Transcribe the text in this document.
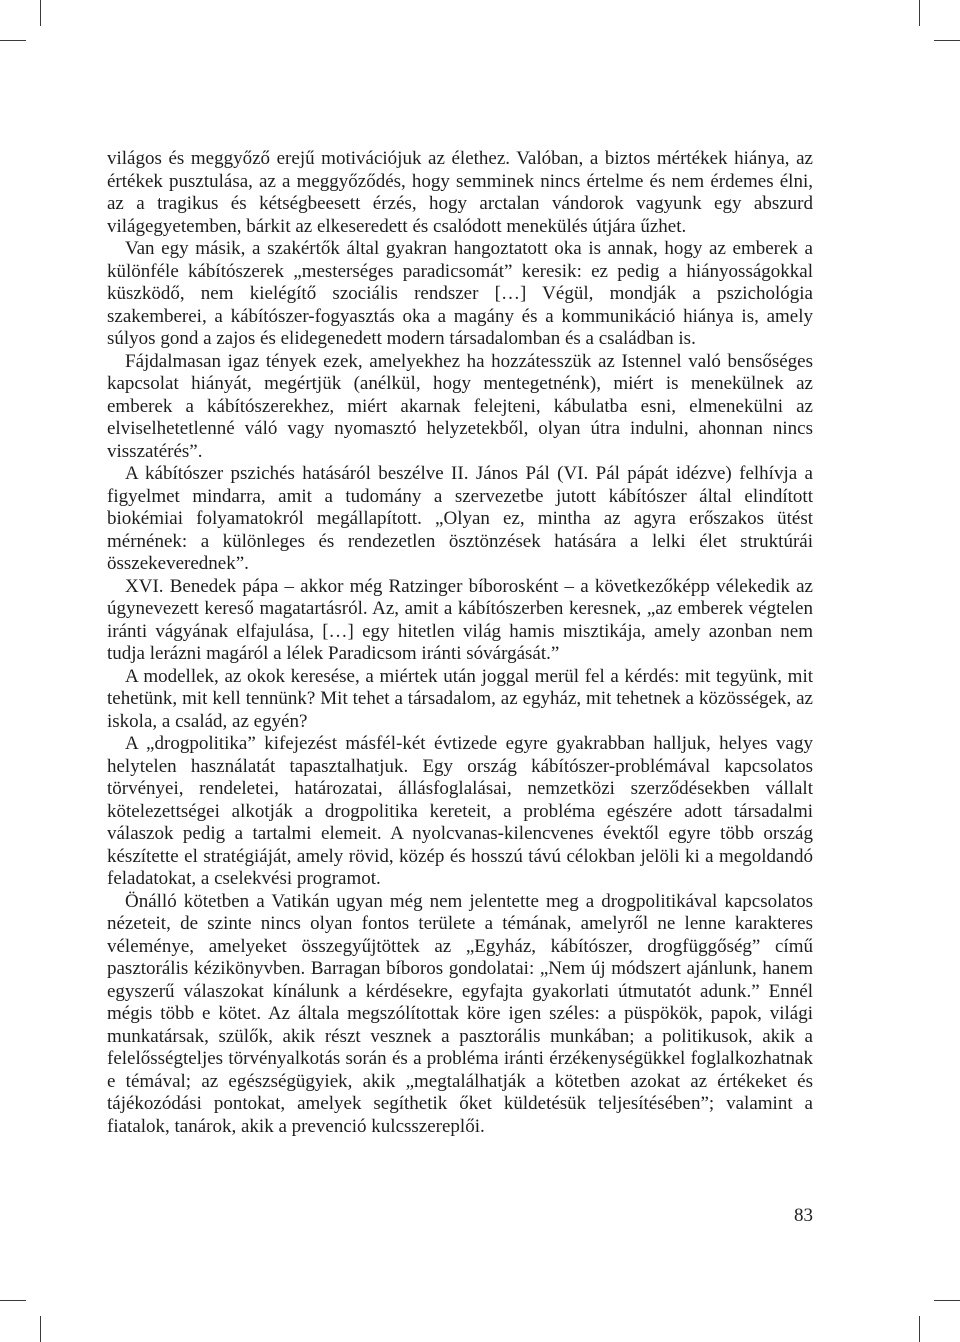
világos és meggyőző erejű motivációjuk az élethez. Valóban, a biztos mértékek hiánya, az értékek pusztulása, az a meggyőződés, hogy semminek nincs értelme és nem érdemes élni, az a tragikus és kétségbeesett érzés, hogy arctalan vándorok vagyunk egy abszurd világegyetemben, bárkit az elkeseredett és csalódott menekülés útjára űzhet.

Van egy másik, a szakértők által gyakran hangoztatott oka is annak, hogy az emberek a különféle kábítószerek „mesterséges paradicsomát” keresik: ez pedig a hiányosságokkal küszködő, nem kielégítő szociális rendszer […] Végül, mondják a pszichológia szakemberei, a kábítószer-fogyasztás oka a magány és a kommunikáció hiánya is, amely súlyos gond a zajos és elidegenedett modern társadalomban és a családban is.

Fájdalmasan igaz tények ezek, amelyekhez ha hozzátesszük az Istennel való bensőséges kapcsolat hiányát, megértjük (anélkül, hogy mentegetnénk), miért is menekülnek az emberek a kábítószerekhez, miért akarnak felejteni, kábulatba esni, elmenekülni az elviselhetetlenné váló vagy nyomasztó helyzetekből, olyan útra indulni, ahonnan nincs visszatérés”.

A kábítószer pszichés hatásáról beszélve II. János Pál (VI. Pál pápát idézve) felhívja a figyelmet mindarra, amit a tudomány a szervezetbe jutott kábítószer által elindított biokémiai folyamatokról megállapított. „Olyan ez, mintha az agyra erőszakos ütést mérnének: a különleges és rendezetlen ösztönzések hatására a lelki élet struktúrái összekeverednek”.

XVI. Benedek pápa – akkor még Ratzinger bíborosként – a következőképp vélekedik az úgynevezett kereső magatartásról. Az, amit a kábítószerben keresnek, „az emberek végtelen iránti vágyának elfajulása, […] egy hitetlen világ hamis misztikája, amely azonban nem tudja lerázni magáról a lélek Paradicsom iránti sóvárgását.”

A modellek, az okok keresése, a miértek után joggal merül fel a kérdés: mit tegyünk, mit tehetünk, mit kell tennünk? Mit tehet a társadalom, az egyház, mit tehetnek a közösségek, az iskola, a család, az egyén?

A „drogpolitika” kifejezést másfél-két évtizede egyre gyakrabban halljuk, helyes vagy helytelen használatát tapasztalhatjuk. Egy ország kábítószer-problémával kapcsolatos törvényei, rendeletei, határozatai, állásfoglalásai, nemzetközi szerződésekben vállalt kötelezettségei alkotják a drogpolitika kereteit, a probléma egészére adott társadalmi válaszok pedig a tartalmi elemeit. A nyolcvanas-kilencvenes évektől egyre több ország készítette el stratégiáját, amely rövid, közép és hosszú távú célokban jelöli ki a megoldandó feladatokat, a cselekvési programot.

Önálló kötetben a Vatikán ugyan még nem jelentette meg a drogpolitikával kapcsolatos nézeteit, de szinte nincs olyan fontos területe a témának, amelyről ne lenne karakteres véleménye, amelyeket összegyűjtöttek az „Egyház, kábítószer, drogfüggőség” című pasztorális kézikönyvben. Barragan bíboros gondolatai: „Nem új módszert ajánlunk, hanem egyszerű válaszokat kínálunk a kérdésekre, egyfajta gyakorlati útmutatót adunk.” Ennél mégis több e kötet. Az általa megszólítottak köre igen széles: a püspökök, papok, világi munkatársak, szülők, akik részt vesznek a pasztorális munkában; a politikusok, akik a felelősségteljes törvényalkotás során és a probléma iránti érzékenységükkel foglalkozhatnak e témával; az egészségügyiek, akik „megtalálhatják a kötetben azokat az értékeket és tájékozódási pontokat, amelyek segíthetik őket küldetésük teljesítésében”; valamint a fiatalok, tanárok, akik a prevenció kulcsszereplői.

83
